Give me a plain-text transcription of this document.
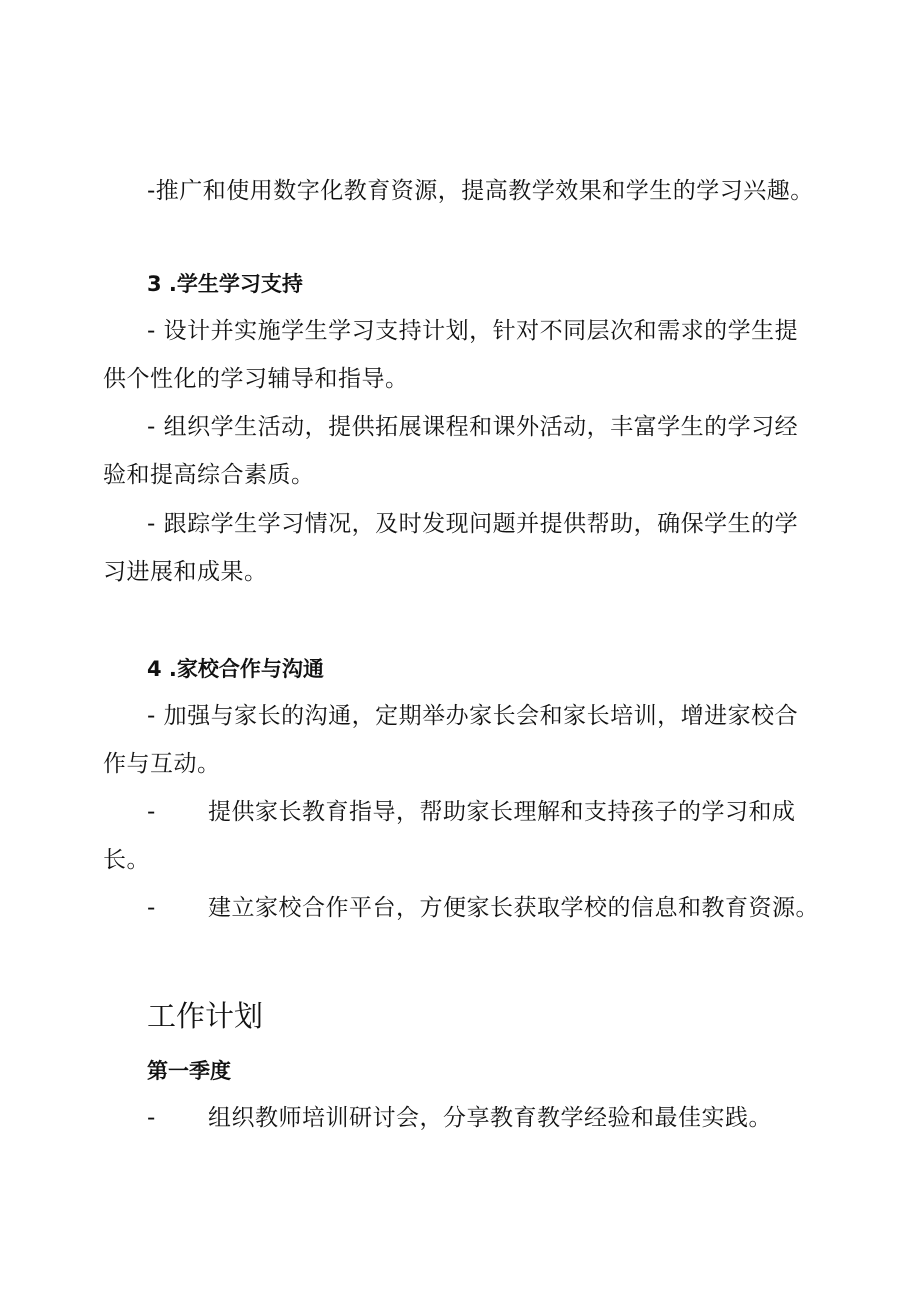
-推广和使用数字化教育资源，提高教学效果和学生的学习兴趣。
3 .学生学习支持
- 设计并实施学生学习支持计划，针对不同层次和需求的学生提
供个性化的学习辅导和指导。
- 组织学生活动，提供拓展课程和课外活动，丰富学生的学习经
验和提高综合素质。
- 跟踪学生学习情况，及时发现问题并提供帮助，确保学生的学
习进展和成果。
4 .家校合作与沟通
- 加强与家长的沟通，定期举办家长会和家长培训，增进家校合
作与互动。
- 提供家长教育指导，帮助家长理解和支持孩子的学习和成
长。
- 建立家校合作平台，方便家长获取学校的信息和教育资源。
工作计划
第一季度
- 组织教师培训研讨会，分享教育教学经验和最佳实践。
